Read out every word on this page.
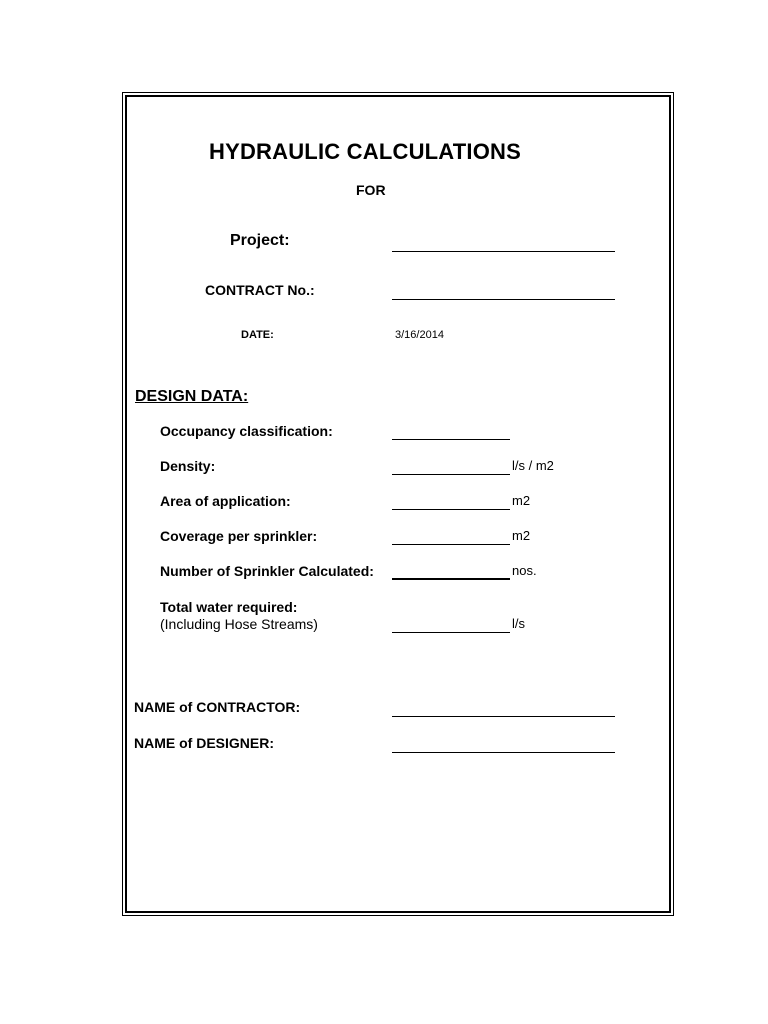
HYDRAULIC CALCULATIONS
FOR
Project:
CONTRACT No.:
DATE:	3/16/2014
DESIGN DATA:
Occupancy classification:
Density:	l/s / m2
Area of application:	m2
Coverage per sprinkler:	m2
Number of Sprinkler Calculated:	nos.
Total water required:
(Including Hose Streams)	l/s
NAME of CONTRACTOR:
NAME of DESIGNER:
